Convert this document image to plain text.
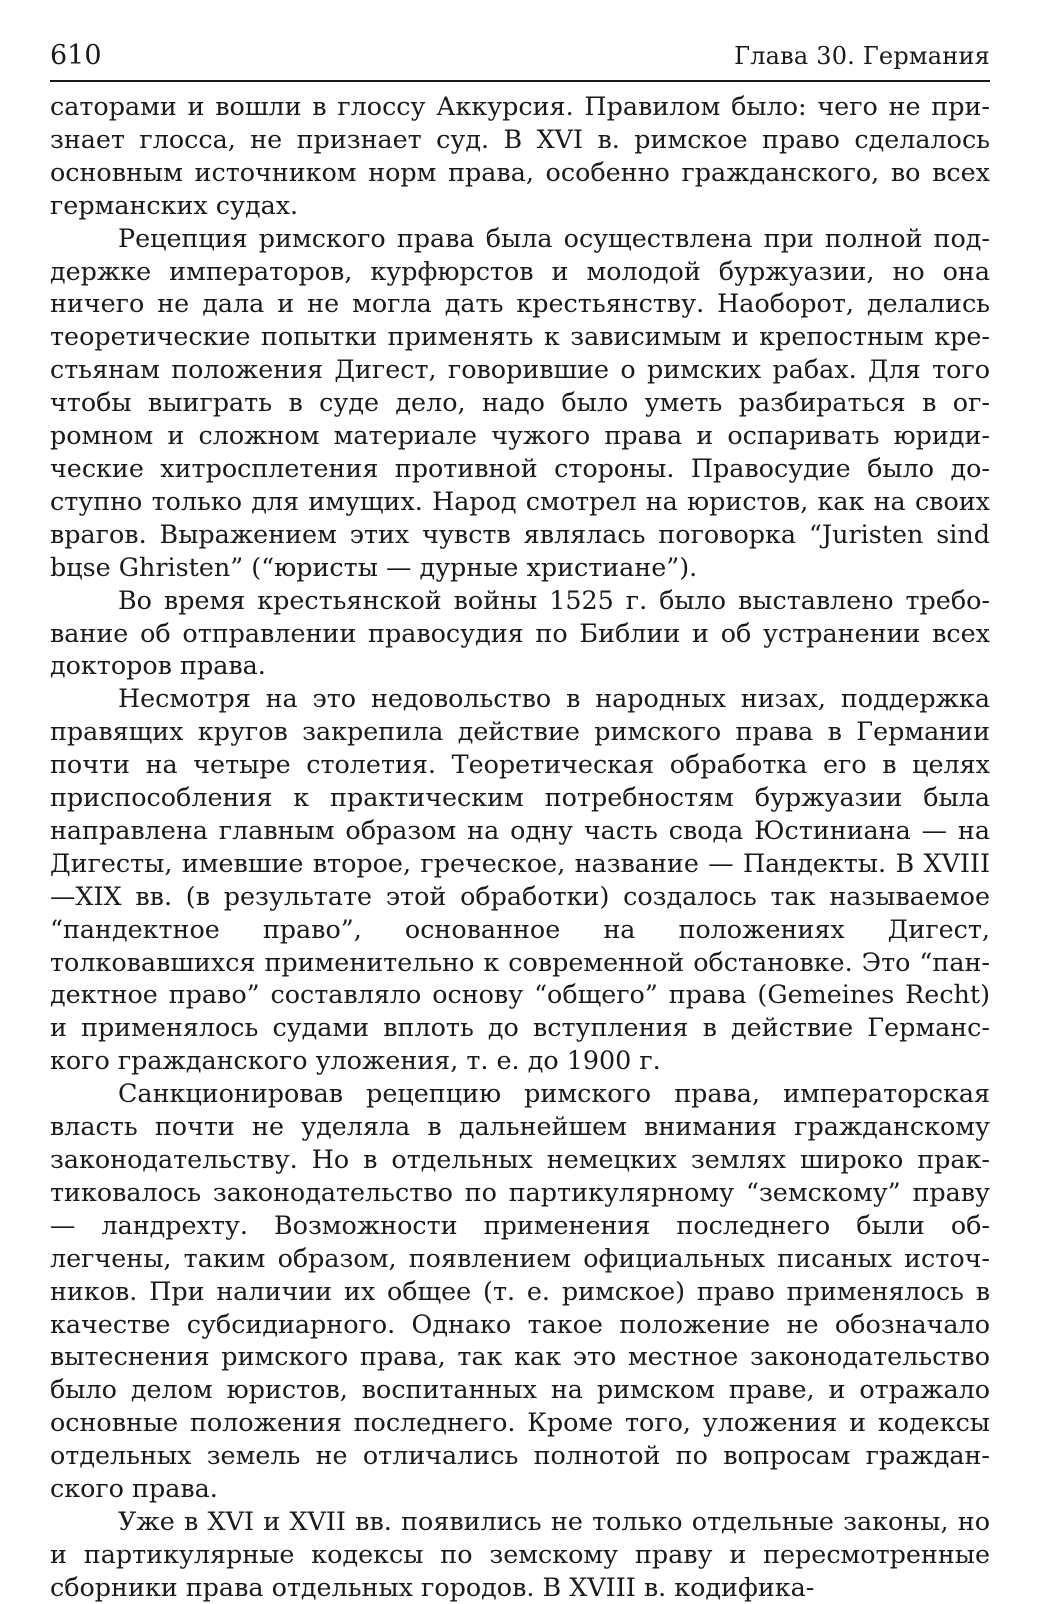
610	Глава 30. Германия

саторами и вошли в глоссу Аккурсия. Правилом было: чего не признает глосса, не признает суд. В XVI в. римское право сделалось основным источником норм права, особенно гражданского, во всех германских судах.

Рецепция римского права была осуществлена при полной поддержке императоров, курфюрстов и молодой буржуазии, но она ничего не дала и не могла дать крестьянству. Наоборот, делались теоретические попытки применять к зависимым и крепостным крестьянам положения Дигест, говорившие о римских рабах. Для того чтобы выиграть в суде дело, надо было уметь разбираться в огромном и сложном материале чужого права и оспаривать юридические хитросплетения противной стороны. Правосудие было доступно только для имущих. Народ смотрел на юристов, как на своих врагов. Выражением этих чувств являлась поговорка “Juristen sind bцse Ghristen” (“юристы — дурные христиане”).

Во время крестьянской войны 1525 г. было выставлено требование об отправлении правосудия по Библии и об устранении всех докторов права.

Несмотря на это недовольство в народных низах, поддержка правящих кругов закрепила действие римского права в Германии почти на четыре столетия. Теоретическая обработка его в целях приспособления к практическим потребностям буржуазии была направлена главным образом на одну часть свода Юстиниана — на Дигесты, имевшие второе, греческое, название — Пандекты. В XVIII—XIX вв. (в результате этой обработки) создалось так называемое “пандектное право”, основанное на положениях Дигест, толковавшихся применительно к современной обстановке. Это “пандектное право” составляло основу “общего” права (Gemeines Recht) и применялось судами вплоть до вступления в действие Германского гражданского уложения, т. е. до 1900 г.

Санкционировав рецепцию римского права, императорская власть почти не уделяла в дальнейшем внимания гражданскому законодательству. Но в отдельных немецких землях широко практиковалось законодательство по партикулярному “земскому” праву — ландрехту. Возможности применения последнего были облегчены, таким образом, появлением официальных писаных источников. При наличии их общее (т. е. римское) право применялось в качестве субсидиарного. Однако такое положение не обозначало вытеснения римского права, так как это местное законодательство было делом юристов, воспитанных на римском праве, и отражало основные положения последнего. Кроме того, уложения и кодексы отдельных земель не отличались полнотой по вопросам гражданского права.

Уже в XVI и XVII вв. появились не только отдельные законы, но и партикулярные кодексы по земскому праву и пересмотренные сборники права отдельных городов. В XVIII в. кодифика-
